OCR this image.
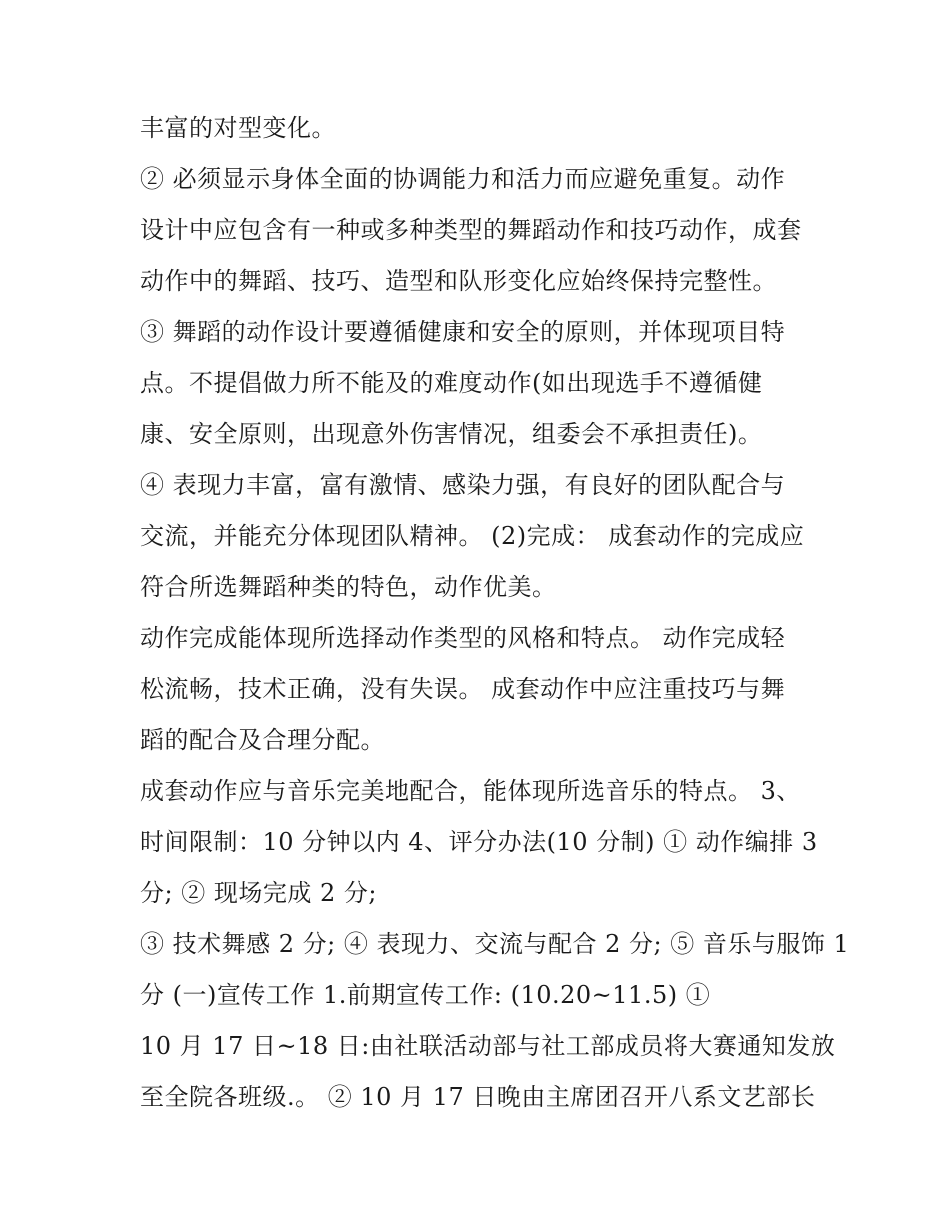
丰富的对型变化。
② 必须显示身体全面的协调能力和活力而应避免重复。动作
设计中应包含有一种或多种类型的舞蹈动作和技巧动作，成套
动作中的舞蹈、技巧、造型和队形变化应始终保持完整性。
③ 舞蹈的动作设计要遵循健康和安全的原则，并体现项目特
点。不提倡做力所不能及的难度动作(如出现选手不遵循健
康、安全原则，出现意外伤害情况，组委会不承担责任)。
④ 表现力丰富，富有激情、感染力强，有良好的团队配合与
交流，并能充分体现团队精神。 (2)完成： 成套动作的完成应
符合所选舞蹈种类的特色，动作优美。
动作完成能体现所选择动作类型的风格和特点。 动作完成轻
松流畅，技术正确，没有失误。 成套动作中应注重技巧与舞
蹈的配合及合理分配。
成套动作应与音乐完美地配合，能体现所选音乐的特点。 3、
时间限制：10 分钟以内 4、评分办法(10 分制) ① 动作编排 3
分; ② 现场完成 2 分;
③ 技术舞感 2 分; ④ 表现力、交流与配合 2 分; ⑤ 音乐与服饰 1
分 (一)宣传工作 1.前期宣传工作: (10.20~11.5) ①
10 月 17 日~18 日:由社联活动部与社工部成员将大赛通知发放
至全院各班级.。 ② 10 月 17 日晚由主席团召开八系文艺部长
